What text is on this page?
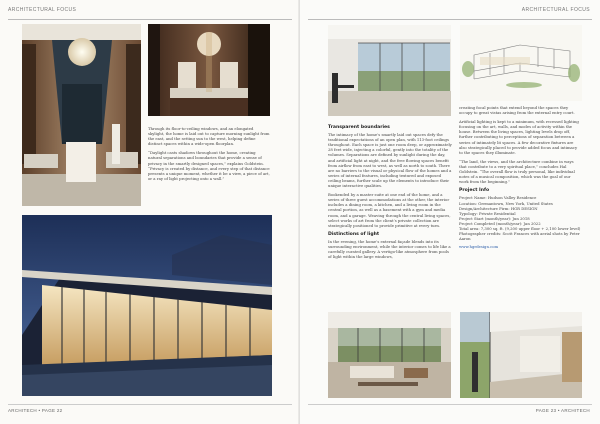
ARCHITECTURAL FOCUS

Through its floor-to-ceiling windows, and an elongated skylight, the home is laid out to capture morning sunlight from the east, and the setting sun to the west, helping define distinct spaces within a wide-open floorplan.

“Daylight casts shadows throughout the home, creating natural separations and boundaries that provide a sense of privacy in the smartly designed spaces,” explains Goldstein. “Privacy is created by distance, and every step of that distance presents a unique moment, whether it be a view, a piece of art, or a ray of light projecting onto a wall.”

ARCHITECH • PAGE 22
ARCHITECTURAL FOCUS
Transparent boundaries

The intimacy of the home’s smartly laid out spaces defy the traditional expectations of an open plan, with 113-foot ceilings throughout. Each space is just one room deep, or approximately 28 feet wide, injecting a colorful, gently into the totality of the volumes. Separations are defined by sunlight during the day, and artificial light at night, and the free flowing spaces benefit from airflow from east to west, as well as north to south. There are no barriers to the visual or physical flow of the homes and a series of internal features, including textured and exposed ceiling beams, further scale up the elements to introduce their unique interactive qualities.

Bookended by a master suite at one end of the home, and a series of three guest accommodations at the other, the interior includes a dining room, a kitchen, and a living room in the central portion, as well as a basement with a gym and media room, and a garage. Weaving through the central living spaces, select works of art from the client’s private collection are strategically positioned to provide primitive at every turn.

Distinctions of light

In the evening, the home’s external façade blends into its surrounding environment, while the interior comes to life like a carefully curated gallery. A vertigo-like atmosphere from pools of light within the large windows,

creating focal points that extend beyond the spaces they occupy to great vistas arising from the external entry court.

Artificial lighting is kept to a minimum, with recessed lighting focusing on the art, walls, and modes of activity within the house. Between the living spaces, lighting levels drop off, further contributing to perceptions of separation between a series of intimately lit spaces. A few decorative fixtures are also strategically placed to provide added focus and intimacy to the spaces they illuminate.

“The land, the views, and the architecture combine in ways that contribute to a very spiritual place,” concludes Hal Goldstein. “The overall flow is truly personal, like individual notes of a musical composition, which was the goal of our work from the beginning.”

Project Info
Project Name: Hudson Valley Residence
Location: Germantown, New York, United States
Design/Architecture Firm: HGR DESIGN
Typology: Private Residential
Project Start (month/year): Jun 2018
Project Completed (month/year): Jan 2022
Total area: 7,300 sq. ft. (9,200 upper floor + 2,100 lower level)
Photographer credits: Scott Frances with aerial shots by Peter Aaron
www.hgrdesign.com
PAGE 23 • ARCHITECH
